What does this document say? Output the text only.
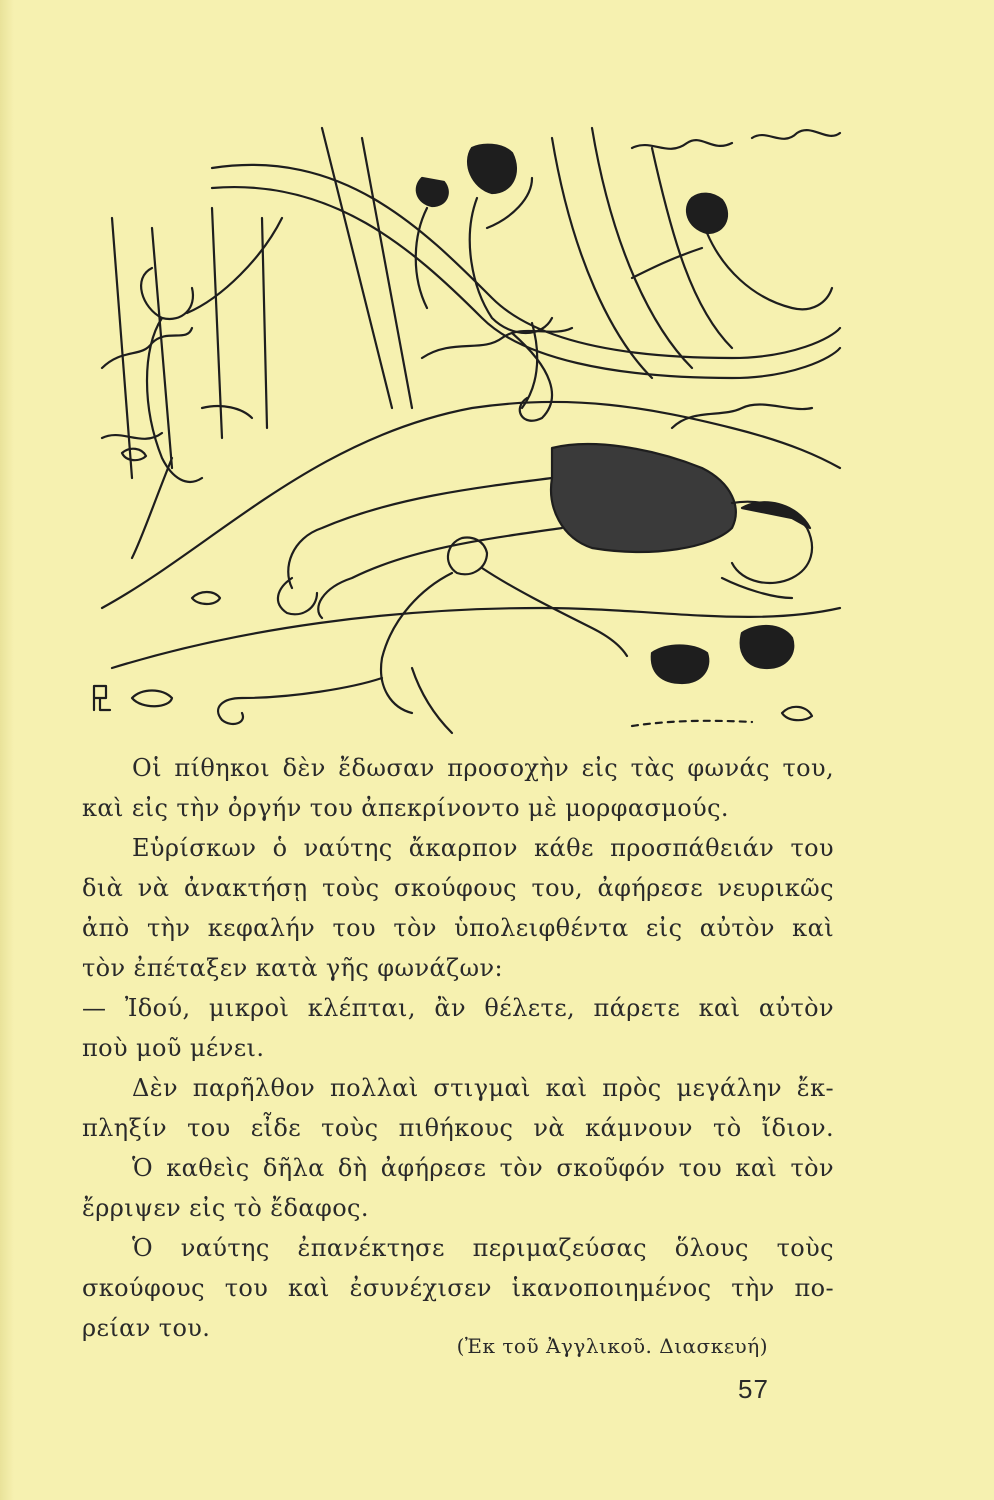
Οἱ πίθηκοι δὲν ἔδωσαν προσοχὴν εἰς τὰς φωνάς του,
καὶ εἰς τὴν ὀργήν του ἀπεκρίνοντο μὲ μορφασμούς.

Εὑρίσκων ὁ ναύτης ἄκαρπον κάθε προσπάθειάν του
διὰ νὰ ἀνακτήσῃ τοὺς σκούφους του, ἀφήρεσε νευρικῶς
ἀπὸ τὴν κεφαλήν του τὸν ὑπολειφθέντα εἰς αὐτὸν καὶ
τὸν ἐπέταξεν κατὰ γῆς φωνάζων:

— Ἰδού, μικροὶ κλέπται, ἂν θέλετε, πάρετε καὶ αὐτὸν
ποὺ μοῦ μένει.

Δὲν παρῆλθον πολλαὶ στιγμαὶ καὶ πρὸς μεγάλην ἔκ-
πληξίν του εἶδε τοὺς πιθήκους νὰ κάμνουν τὸ ἴδιον.
Ὁ καθεὶς δῆλα δὴ ἀφήρεσε τὸν σκοῦφόν του καὶ τὸν
ἔρριψεν εἰς τὸ ἔδαφος.

Ὁ ναύτης ἐπανέκτησε περιμαζεύσας ὅλους τοὺς
σκούφους του καὶ ἐσυνέχισεν ἱκανοποιημένος τὴν πο-
ρείαν του.

(Ἐκ τοῦ Ἀγγλικοῦ. Διασκευή)
57
